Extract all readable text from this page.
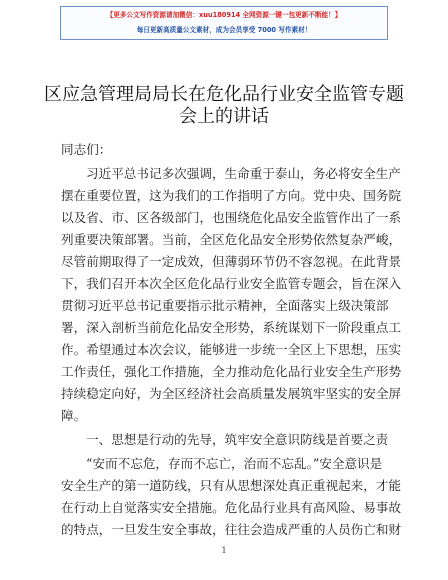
【更多公文写作资源请加微信：xuu180914 全网资源一键一包更新不断能！】
每日更新高质量公文素材，成为会员享受 7000 写作素材！
区应急管理局局长在危化品行业安全监管专题
会上的讲话
同志们：
习近平总书记多次强调，生命重于泰山，务必将安全生产
摆在重要位置，这为我们的工作指明了方向。党中央、国务院
以及省、市、区各级部门，也围绕危化品安全监管作出了一系
列重要决策部署。当前，全区危化品安全形势依然复杂严峻，
尽管前期取得了一定成效，但薄弱环节仍不容忽视。在此背景
下，我们召开本次全区危化品行业安全监管专题会，旨在深入
贯彻习近平总书记重要指示批示精神，全面落实上级决策部
署，深入剖析当前危化品安全形势，系统谋划下一阶段重点工
作。希望通过本次会议，能够进一步统一全区上下思想，压实
工作责任，强化工作措施，全力推动危化品行业安全生产形势
持续稳定向好，为全区经济社会高质量发展筑牢坚实的安全屏
障。
一、思想是行动的先导，筑牢安全意识防线是首要之责
“安而不忘危，存而不忘亡，治而不忘乱。”安全意识是
安全生产的第一道防线，只有从思想深处真正重视起来，才能
在行动上自觉落实安全措施。危化品行业具有高风险、易事故
的特点，一旦发生安全事故，往往会造成严重的人员伤亡和财
1
